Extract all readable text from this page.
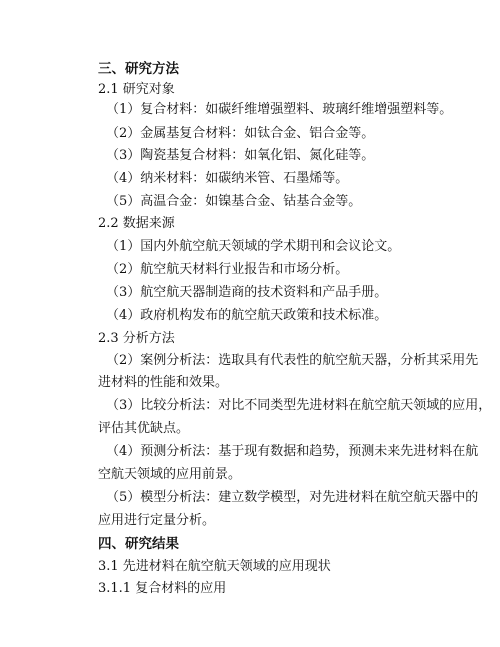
三、研究方法
2.1 研究对象
（1）复合材料：如碳纤维增强塑料、玻璃纤维增强塑料等。
（2）金属基复合材料：如钛合金、铝合金等。
（3）陶瓷基复合材料：如氧化铝、氮化硅等。
（4）纳米材料：如碳纳米管、石墨烯等。
（5）高温合金：如镍基合金、钴基合金等。
2.2 数据来源
（1）国内外航空航天领域的学术期刊和会议论文。
（2）航空航天材料行业报告和市场分析。
（3）航空航天器制造商的技术资料和产品手册。
（4）政府机构发布的航空航天政策和技术标准。
2.3 分析方法
（2）案例分析法：选取具有代表性的航空航天器，分析其采用先
进材料的性能和效果。
（3）比较分析法：对比不同类型先进材料在航空航天领域的应用，
评估其优缺点。
（4）预测分析法：基于现有数据和趋势，预测未来先进材料在航
空航天领域的应用前景。
（5）模型分析法：建立数学模型，对先进材料在航空航天器中的
应用进行定量分析。
四、研究结果
3.1 先进材料在航空航天领域的应用现状
3.1.1 复合材料的应用
